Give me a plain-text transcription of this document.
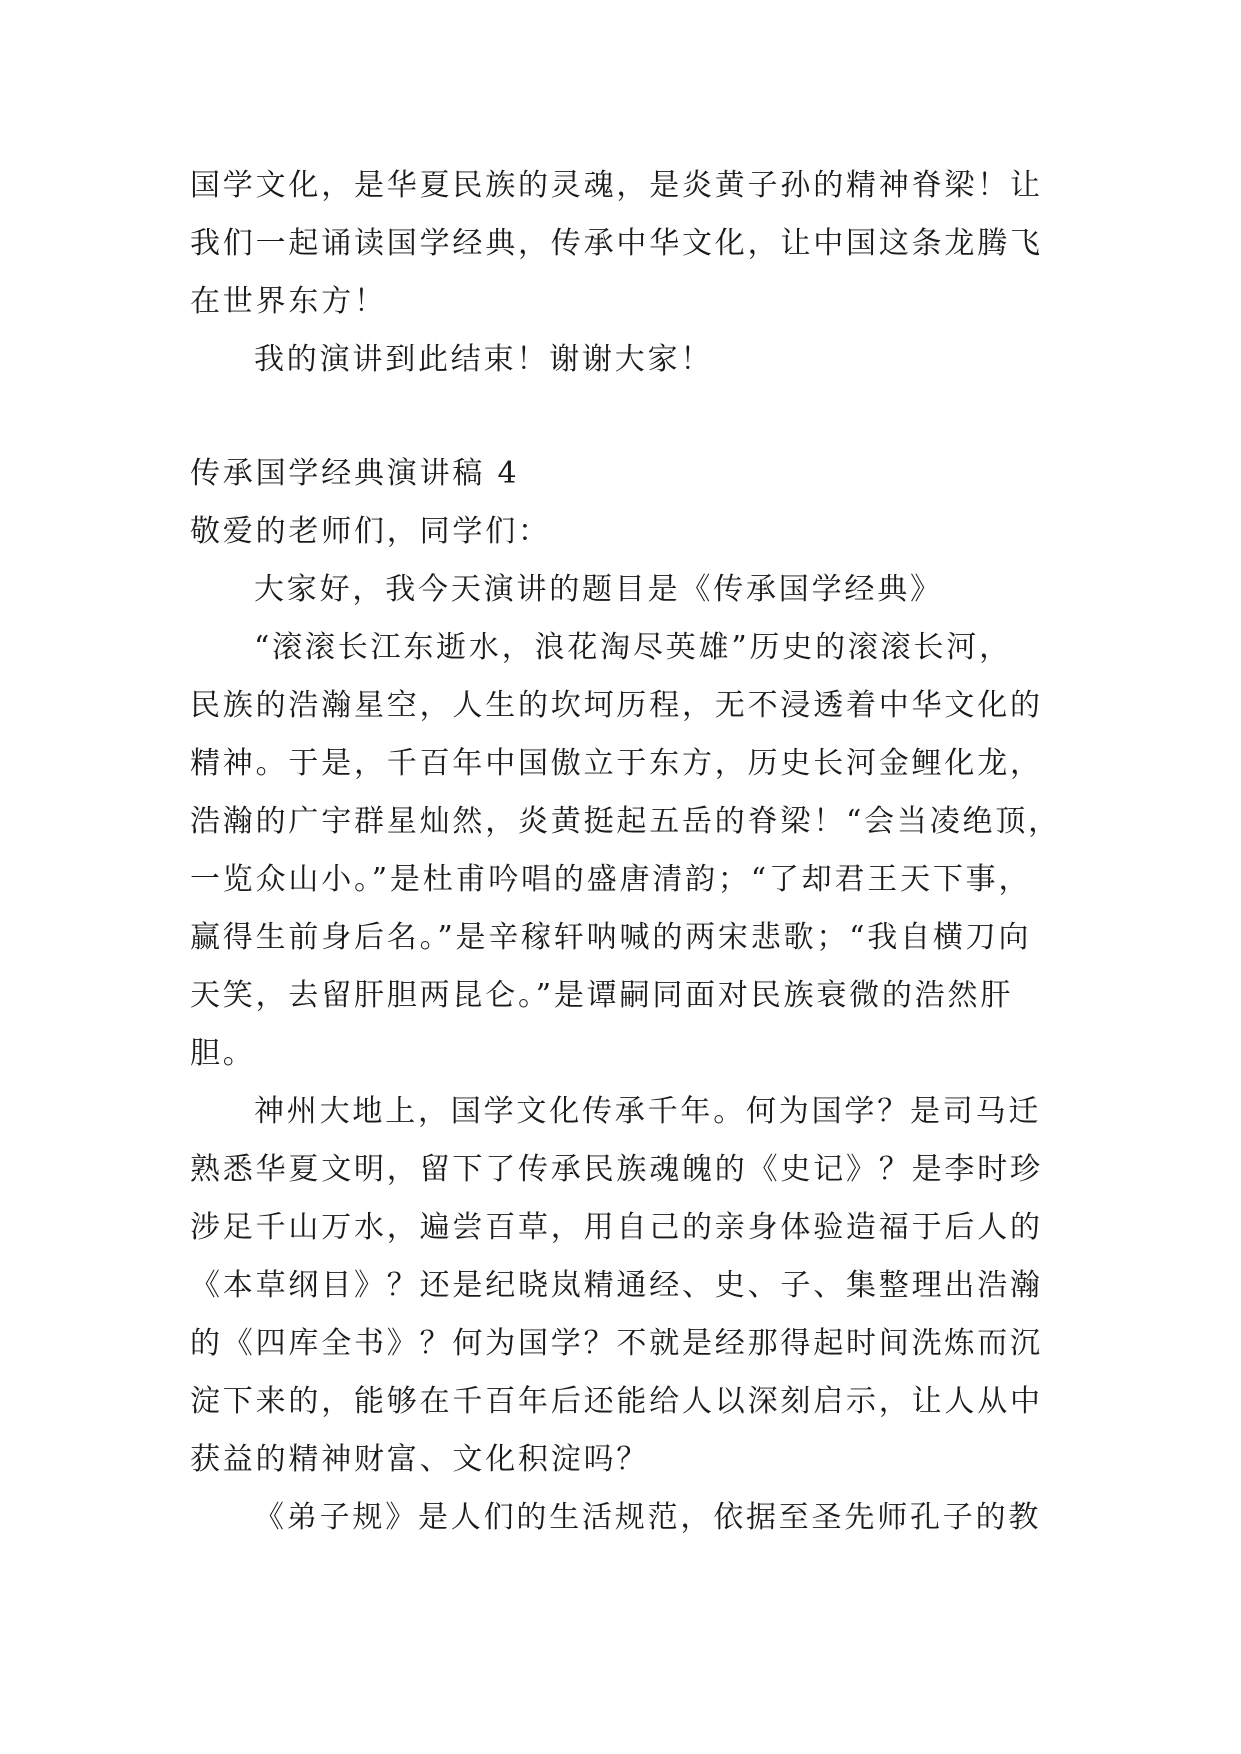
国学文化，是华夏民族的灵魂，是炎黄子孙的精神脊梁！让
我们一起诵读国学经典，传承中华文化，让中国这条龙腾飞
在世界东方！
我的演讲到此结束！谢谢大家！
传承国学经典演讲稿 4
敬爱的老师们，同学们：
大家好，我今天演讲的题目是《传承国学经典》
“滚滚长江东逝水，浪花淘尽英雄”历史的滚滚长河，
民族的浩瀚星空，人生的坎坷历程，无不浸透着中华文化的
精神。于是，千百年中国傲立于东方，历史长河金鲤化龙，
浩瀚的广宇群星灿然，炎黄挺起五岳的脊梁！“会当凌绝顶，
一览众山小。”是杜甫吟唱的盛唐清韵；“了却君王天下事，
赢得生前身后名。”是辛稼轩呐喊的两宋悲歌；“我自横刀向
天笑，去留肝胆两昆仑。”是谭嗣同面对民族衰微的浩然肝
胆。
神州大地上，国学文化传承千年。何为国学？是司马迁
熟悉华夏文明，留下了传承民族魂魄的《史记》？是李时珍
涉足千山万水，遍尝百草，用自己的亲身体验造福于后人的
《本草纲目》？还是纪晓岚精通经、史、子、集整理出浩瀚
的《四库全书》？何为国学？不就是经那得起时间洗炼而沉
淀下来的，能够在千百年后还能给人以深刻启示，让人从中
获益的精神财富、文化积淀吗？
《弟子规》是人们的生活规范，依据至圣先师孔子的教
